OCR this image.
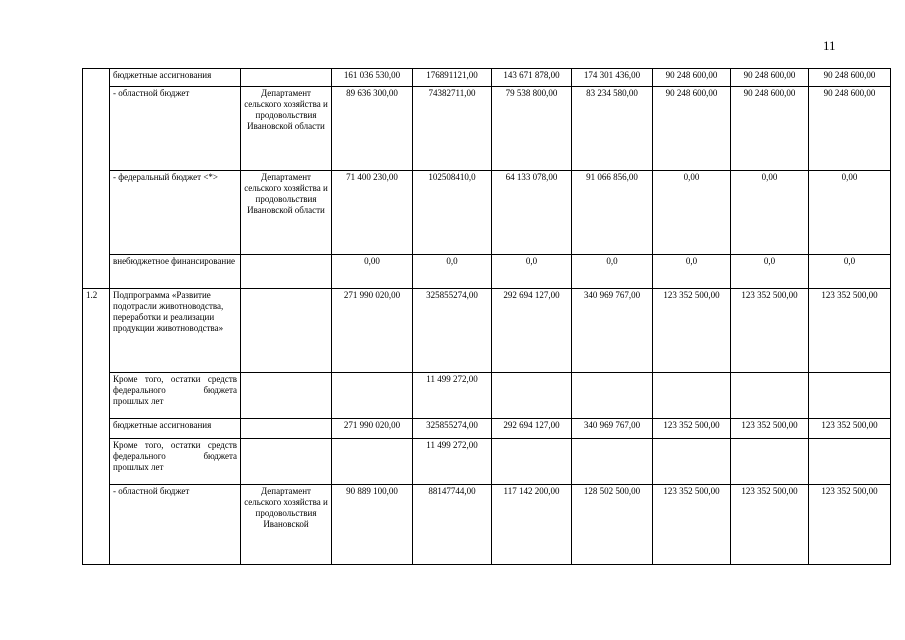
11
	бюджетные ассигнования		161 036 530,00	176891121,00	143 671 878,00	174 301 436,00	90 248 600,00	90 248 600,00	90 248 600,00
	- областной бюджет	Департамент сельского хозяйства и продовольствия Ивановской области	89 636 300,00	74382711,00	79 538 800,00	83 234 580,00	90 248 600,00	90 248 600,00	90 248 600,00
	- федеральный бюджет <*>	Департамент сельского хозяйства и продовольствия Ивановской области	71 400 230,00	102508410,0	64 133 078,00	91 066 856,00	0,00	0,00	0,00
	внебюджетное финансирование		0,00	0,0	0,0	0,0	0,0	0,0	0,0
1.2	Подпрограмма «Развитие подотрасли животноводства, переработки и реализации продукции животноводства»		271 990 020,00	325855274,00	292 694 127,00	340 969 767,00	123 352 500,00	123 352 500,00	123 352 500,00
	Кроме того, остатки средств федерального бюджета прошлых лет			11 499 272,00					
	бюджетные ассигнования		271 990 020,00	325855274,00	292 694 127,00	340 969 767,00	123 352 500,00	123 352 500,00	123 352 500,00
	Кроме того, остатки средств федерального бюджета прошлых лет			11 499 272,00					
	- областной бюджет	Департамент сельского хозяйства и продовольствия Ивановской	90 889 100,00	88147744,00	117 142 200,00	128 502 500,00	123 352 500,00	123 352 500,00	123 352 500,00
